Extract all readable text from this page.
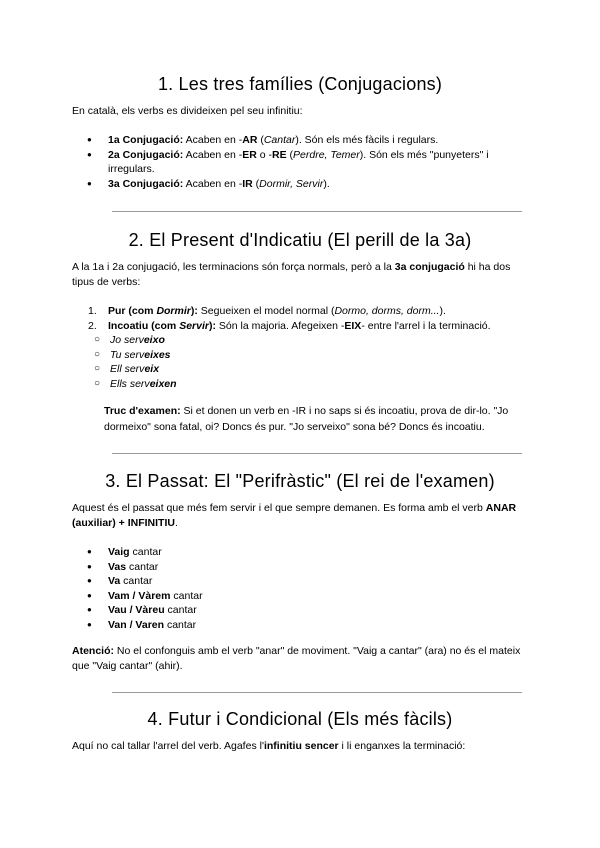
1. Les tres famílies (Conjugacions)

En català, els verbs es divideixen pel seu infinitiu:

● 1a Conjugació: Acaben en -AR (Cantar). Són els més fàcils i regulars.
● 2a Conjugació: Acaben en -ER o -RE (Perdre, Temer). Són els més "punyeters" i irregulars.
● 3a Conjugació: Acaben en -IR (Dormir, Servir).
2. El Present d'Indicatiu (El perill de la 3a)

A la 1a i 2a conjugació, les terminacions són força normals, però a la 3a conjugació hi ha dos tipus de verbs:

1. Pur (com Dormir): Segueixen el model normal (Dormo, dorms, dorm...).
2. Incoatiu (com Servir): Són la majoria. Afegeixen -EIX- entre l'arrel i la terminació.
○ Jo serveixo
○ Tu serveixes
○ Ell serveix
○ Ells serveixen

Truc d'examen: Si et donen un verb en -IR i no saps si és incoatiu, prova de dir-lo. "Jo dormeixo" sona fatal, oi? Doncs és pur. "Jo serveixo" sona bé? Doncs és incoatiu.

3. El Passat: El "Perifràstic" (El rei de l'examen)

Aquest és el passat que més fem servir i el que sempre demanen. Es forma amb el verb ANAR (auxiliar) + INFINITIU.

● Vaig cantar
● Vas cantar
● Va cantar
● Vam / Vàrem cantar
● Vau / Vàreu cantar
● Van / Varen cantar

Atenció: No el confonguis amb el verb "anar" de moviment. "Vaig a cantar" (ara) no és el mateix que "Vaig cantar" (ahir).

4. Futur i Condicional (Els més fàcils)

Aquí no cal tallar l'arrel del verb. Agafes l'infinitiu sencer i li enganxes la terminació:
